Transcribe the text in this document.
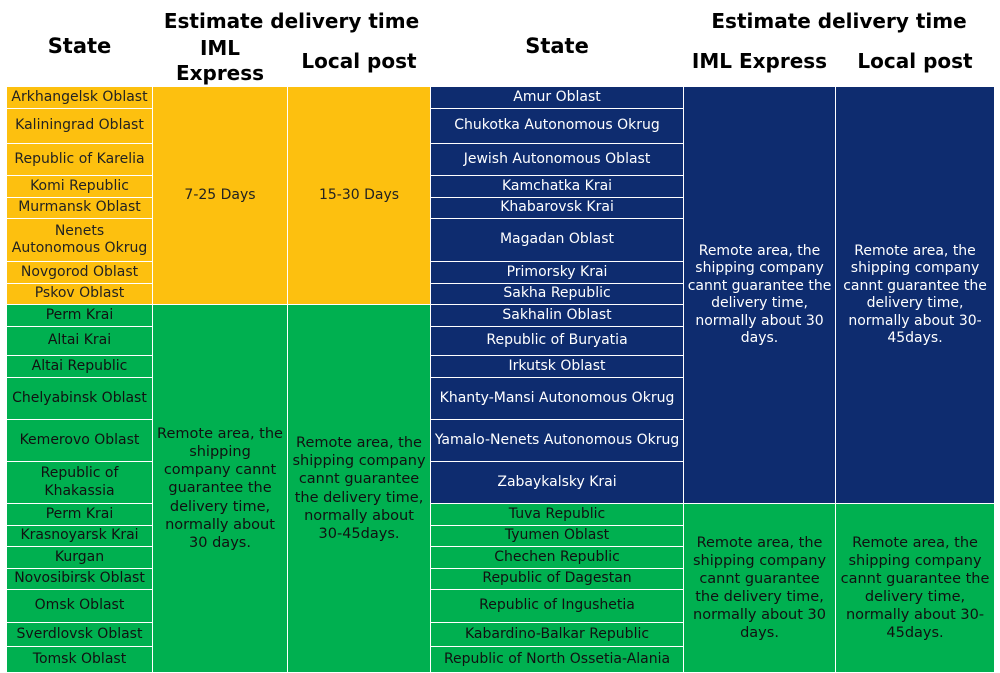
State	Estimate delivery time		State	Estimate delivery time	
	IML Express	Local post		IML Express	Local post
Arkhangelsk Oblast	7-25 Days	15-30 Days	Amur Oblast	Remote area, the shipping company cannt guarantee the delivery time, normally about 30 days.	Remote area, the shipping company cannt guarantee the delivery time, normally about 30-45days.
Kaliningrad Oblast			Chukotka Autonomous Okrug		
Republic of Karelia			Jewish Autonomous Oblast		
Komi Republic			Kamchatka Krai		
Murmansk Oblast			Khabarovsk Krai		
Nenets Autonomous Okrug			Magadan Oblast		
Novgorod Oblast			Primorsky Krai		
Pskov Oblast			Sakha Republic		
Perm Krai	Remote area, the shipping company cannt guarantee the delivery time, normally about 30 days.	Remote area, the shipping company cannt guarantee the delivery time, normally about 30-45days.	Sakhalin Oblast		
Altai Krai			Republic of Buryatia		
Altai Republic			Irkutsk Oblast		
Chelyabinsk Oblast			Khanty-Mansi Autonomous Okrug		
Kemerovo Oblast			Yamalo-Nenets Autonomous Okrug		
Republic of Khakassia			Zabaykalsky Krai		
Perm Krai			Tuva Republic	Remote area, the shipping company cannt guarantee the delivery time, normally about 30 days.	Remote area, the shipping company cannt guarantee the delivery time, normally about 30-45days.
Krasnoyarsk Krai			Tyumen Oblast		
Kurgan			Chechen Republic		
Novosibirsk Oblast			Republic of Dagestan		
Omsk Oblast			Republic of Ingushetia		
Sverdlovsk Oblast			Kabardino-Balkar Republic		
Tomsk Oblast			Republic of North Ossetia-Alania		
